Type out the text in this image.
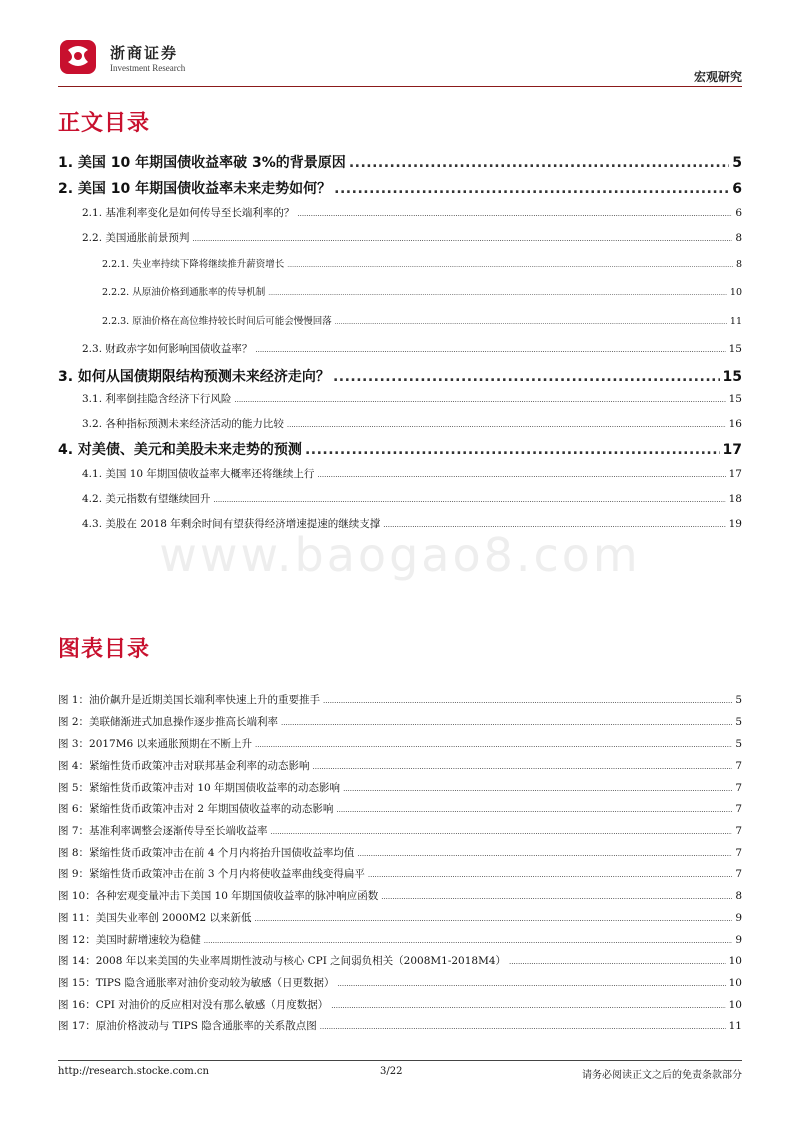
浙商证券
Investment Research
宏观研究
正文目录
1. 美国 10 年期国债收益率破 3%的背景原因 .....	5
2. 美国 10 年期国债收益率未来走势如何？ .....	6
2.1. 基准利率变化是如何传导至长端利率的？ .....	6
2.2. 美国通胀前景预判 .....	8
2.2.1. 失业率持续下降将继续推升薪资增长 .....	8
2.2.2. 从原油价格到通胀率的传导机制 .....	10
2.2.3. 原油价格在高位维持较长时间后可能会慢慢回落 .....	11
2.3. 财政赤字如何影响国债收益率？ .....	15
3. 如何从国债期限结构预测未来经济走向？ .....	15
3.1. 利率倒挂隐含经济下行风险 .....	15
3.2. 各种指标预测未来经济活动的能力比较 .....	16
4. 对美债、美元和美股未来走势的预测 .....	17
4.1. 美国 10 年期国债收益率大概率还将继续上行 .....	17
4.2. 美元指数有望继续回升 .....	18
4.3. 美股在 2018 年剩余时间有望获得经济增速提速的继续支撑 .....	19
www.baogao8.com
图表目录
图 1：油价飙升是近期美国长端利率快速上升的重要推手 .....	5
图 2：美联储渐进式加息操作逐步推高长端利率 .....	5
图 3：2017M6 以来通胀预期在不断上升 .....	5
图 4：紧缩性货币政策冲击对联邦基金利率的动态影响 .....	7
图 5：紧缩性货币政策冲击对 10 年期国债收益率的动态影响 .....	7
图 6：紧缩性货币政策冲击对 2 年期国债收益率的动态影响 .....	7
图 7：基准利率调整会逐渐传导至长端收益率 .....	7
图 8：紧缩性货币政策冲击在前 4 个月内将抬升国债收益率均值 .....	7
图 9：紧缩性货币政策冲击在前 3 个月内将使收益率曲线变得扁平 .....	7
图 10：各种宏观变量冲击下美国 10 年期国债收益率的脉冲响应函数 .....	8
图 11：美国失业率创 2000M2 以来新低 .....	9
图 12：美国时薪增速较为稳健 .....	9
图 14：2008 年以来美国的失业率周期性波动与核心 CPI 之间弱负相关（2008M1-2018M4） .....	10
图 15：TIPS 隐含通胀率对油价变动较为敏感（日更数据） .....	10
图 16：CPI 对油价的反应相对没有那么敏感（月度数据） .....	10
图 17：原油价格波动与 TIPS 隐含通胀率的关系散点图 .....	11
http://research.stocke.com.cn	3/22	请务必阅读正文之后的免责条款部分
